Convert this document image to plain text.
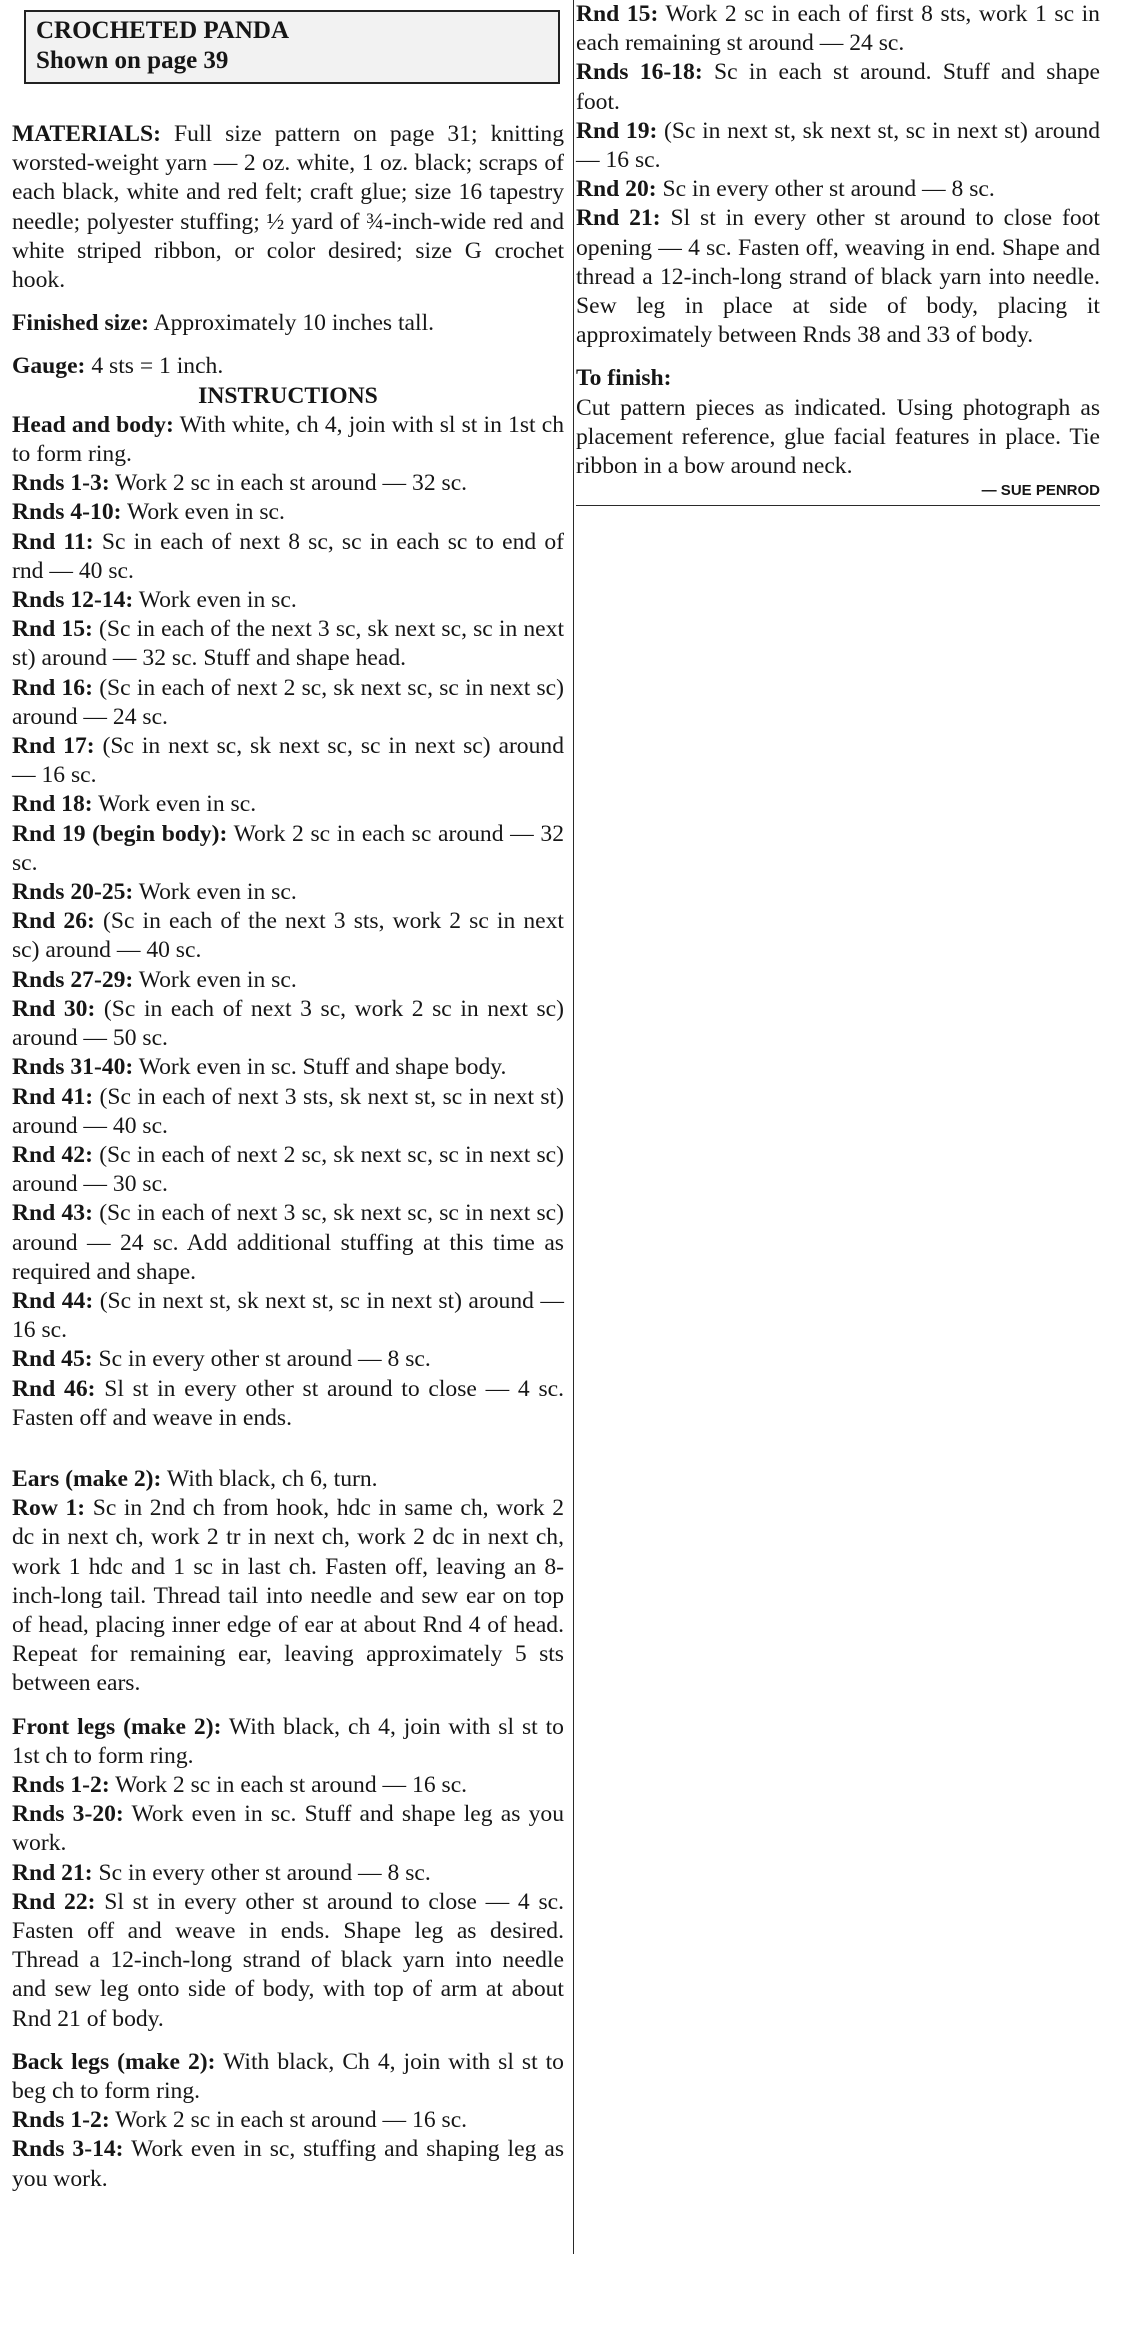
CROCHETED PANDA
Shown on page 39

MATERIALS: Full size pattern on page 31; knitting worsted-weight yarn — 2 oz. white, 1 oz. black; scraps of each black, white and red felt; craft glue; size 16 tapestry needle; polyester stuffing; ½ yard of ¾-inch-wide red and white striped ribbon, or color desired; size G crochet hook.

Finished size: Approximately 10 inches tall.

Gauge: 4 sts = 1 inch.

INSTRUCTIONS

Head and body: With white, ch 4, join with sl st in 1st ch to form ring.

Rnds 1-3: Work 2 sc in each st around — 32 sc.

Rnds 4-10: Work even in sc.

Rnd 11: Sc in each of next 8 sc, sc in each sc to end of rnd — 40 sc.

Rnds 12-14: Work even in sc.

Rnd 15: (Sc in each of the next 3 sc, sk next sc, sc in next st) around — 32 sc. Stuff and shape head.

Rnd 16: (Sc in each of next 2 sc, sk next sc, sc in next sc) around — 24 sc.

Rnd 17: (Sc in next sc, sk next sc, sc in next sc) around — 16 sc.

Rnd 18: Work even in sc.

Rnd 19 (begin body): Work 2 sc in each sc around — 32 sc.

Rnds 20-25: Work even in sc.

Rnd 26: (Sc in each of the next 3 sts, work 2 sc in next sc) around — 40 sc.

Rnds 27-29: Work even in sc.

Rnd 30: (Sc in each of next 3 sc, work 2 sc in next sc) around — 50 sc.

Rnds 31-40: Work even in sc. Stuff and shape body.

Rnd 41: (Sc in each of next 3 sts, sk next st, sc in next st) around — 40 sc.

Rnd 42: (Sc in each of next 2 sc, sk next sc, sc in next sc) around — 30 sc.

Rnd 43: (Sc in each of next 3 sc, sk next sc, sc in next sc) around — 24 sc. Add additional stuffing at this time as required and shape.

Rnd 44: (Sc in next st, sk next st, sc in next st) around — 16 sc.

Rnd 45: Sc in every other st around — 8 sc.

Rnd 46: Sl st in every other st around to close — 4 sc. Fasten off and weave in ends.

Ears (make 2): With black, ch 6, turn.

Row 1: Sc in 2nd ch from hook, hdc in same ch, work 2 dc in next ch, work 2 tr in next ch, work 2 dc in next ch, work 1 hdc and 1 sc in last ch. Fasten off, leaving an 8-inch-long tail. Thread tail into needle and sew ear on top of head, placing inner edge of ear at about Rnd 4 of head. Repeat for remaining ear, leaving approximately 5 sts between ears.

Front legs (make 2): With black, ch 4, join with sl st to 1st ch to form ring.

Rnds 1-2: Work 2 sc in each st around — 16 sc.

Rnds 3-20: Work even in sc. Stuff and shape leg as you work.

Rnd 21: Sc in every other st around — 8 sc.

Rnd 22: Sl st in every other st around to close — 4 sc. Fasten off and weave in ends. Shape leg as desired. Thread a 12-inch-long strand of black yarn into needle and sew leg onto side of body, with top of arm at about Rnd 21 of body.

Back legs (make 2): With black, Ch 4, join with sl st to beg ch to form ring.

Rnds 1-2: Work 2 sc in each st around — 16 sc.

Rnds 3-14: Work even in sc, stuffing and shaping leg as you work.

Rnd 15: Work 2 sc in each of first 8 sts, work 1 sc in each remaining st around — 24 sc.

Rnds 16-18: Sc in each st around. Stuff and shape foot.

Rnd 19: (Sc in next st, sk next st, sc in next st) around — 16 sc.

Rnd 20: Sc in every other st around — 8 sc.

Rnd 21: Sl st in every other st around to close foot opening — 4 sc. Fasten off, weaving in end. Shape and thread a 12-inch-long strand of black yarn into needle. Sew leg in place at side of body, placing it approximately between Rnds 38 and 33 of body.

To finish:
Cut pattern pieces as indicated. Using photograph as placement reference, glue facial features in place. Tie ribbon in a bow around neck.

— SUE PENROD
